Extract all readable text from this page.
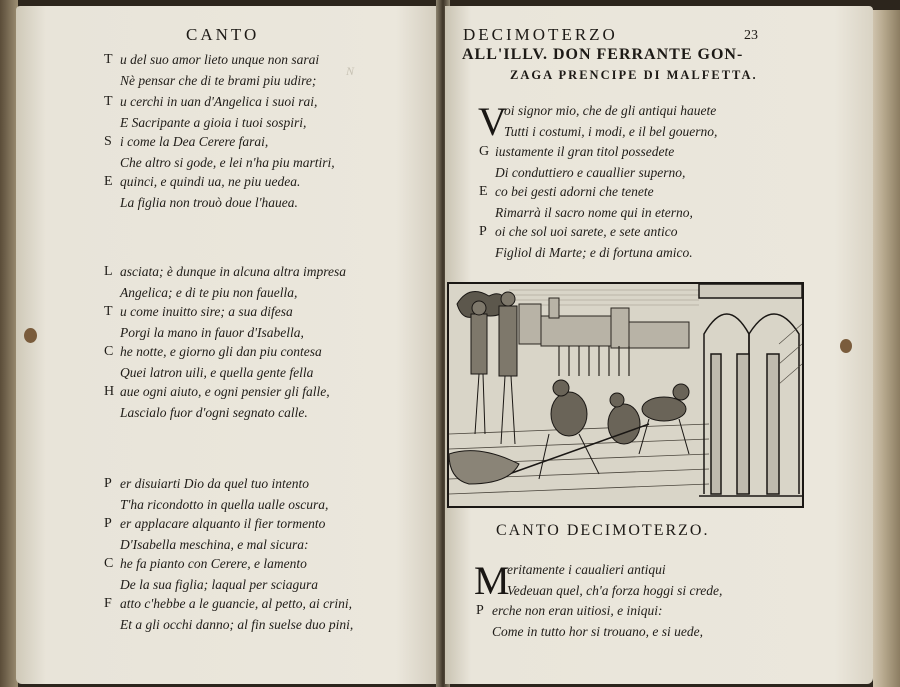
CANTO
N
T u del suo amor lieto unque non sarai
Nè pensar che di te brami piu udire;
T u cerchi in uan d'Angelica i suoi rai,
E Sacripante a gioia i tuoi sospiri,
S i come la Dea Cerere farai,
Che altro si gode, e lei n'ha piu martiri,
E quinci, e quindi ua, ne piu uedea.
La figlia non trouò doue l'hauea.
L asciata; è dunque in alcuna altra impresa
Angelica; e di te piu non fauella,
T u come inuitto sire; a sua difesa
Porgi la mano in fauor d'Isabella,
C he notte, e giorno gli dan piu contesa
Quei latron uili, e quella gente fella
H aue ogni aiuto, e ogni pensier gli falle,
Lascialo fuor d'ogni segnato calle.
P er disuiarti Dio da quel tuo intento
T'ha ricondotto in quella ualle oscura,
P er applacare alquanto il fier tormento
D'Isabella meschina, e mal sicura:
C he fa pianto con Cerere, e lamento
De la sua figlia; laqual per sciagura
F atto c'hebbe a le guancie, al petto, ai crini,
Et a gli occhi danno; al fin suelse duo pini,
DECIMOTERZO	23
ALL'ILLV. DON FERRANTE GON-
ZAGA PRENCIPE DI MALFETTA.
V
oi signor mio, che de gli antiqui hauete
Tutti i costumi, i modi, e il bel gouerno,
G iustamente il gran titol possedete
Di conduttiero e cauallier superno,
E co bei gesti adorni che tenete
Rimarrà il sacro nome qui in eterno,
P oi che sol uoi sarete, e sete antico
Figliol di Marte; e di fortuna amico.
CANTO DECIMOTERZO.
M
eritamente i caualieri antiqui
Vedeuan quel, ch'a forza hoggi si crede,
P erche non eran uitiosi, e iniqui:
Come in tutto hor si trouano, e si uede,
